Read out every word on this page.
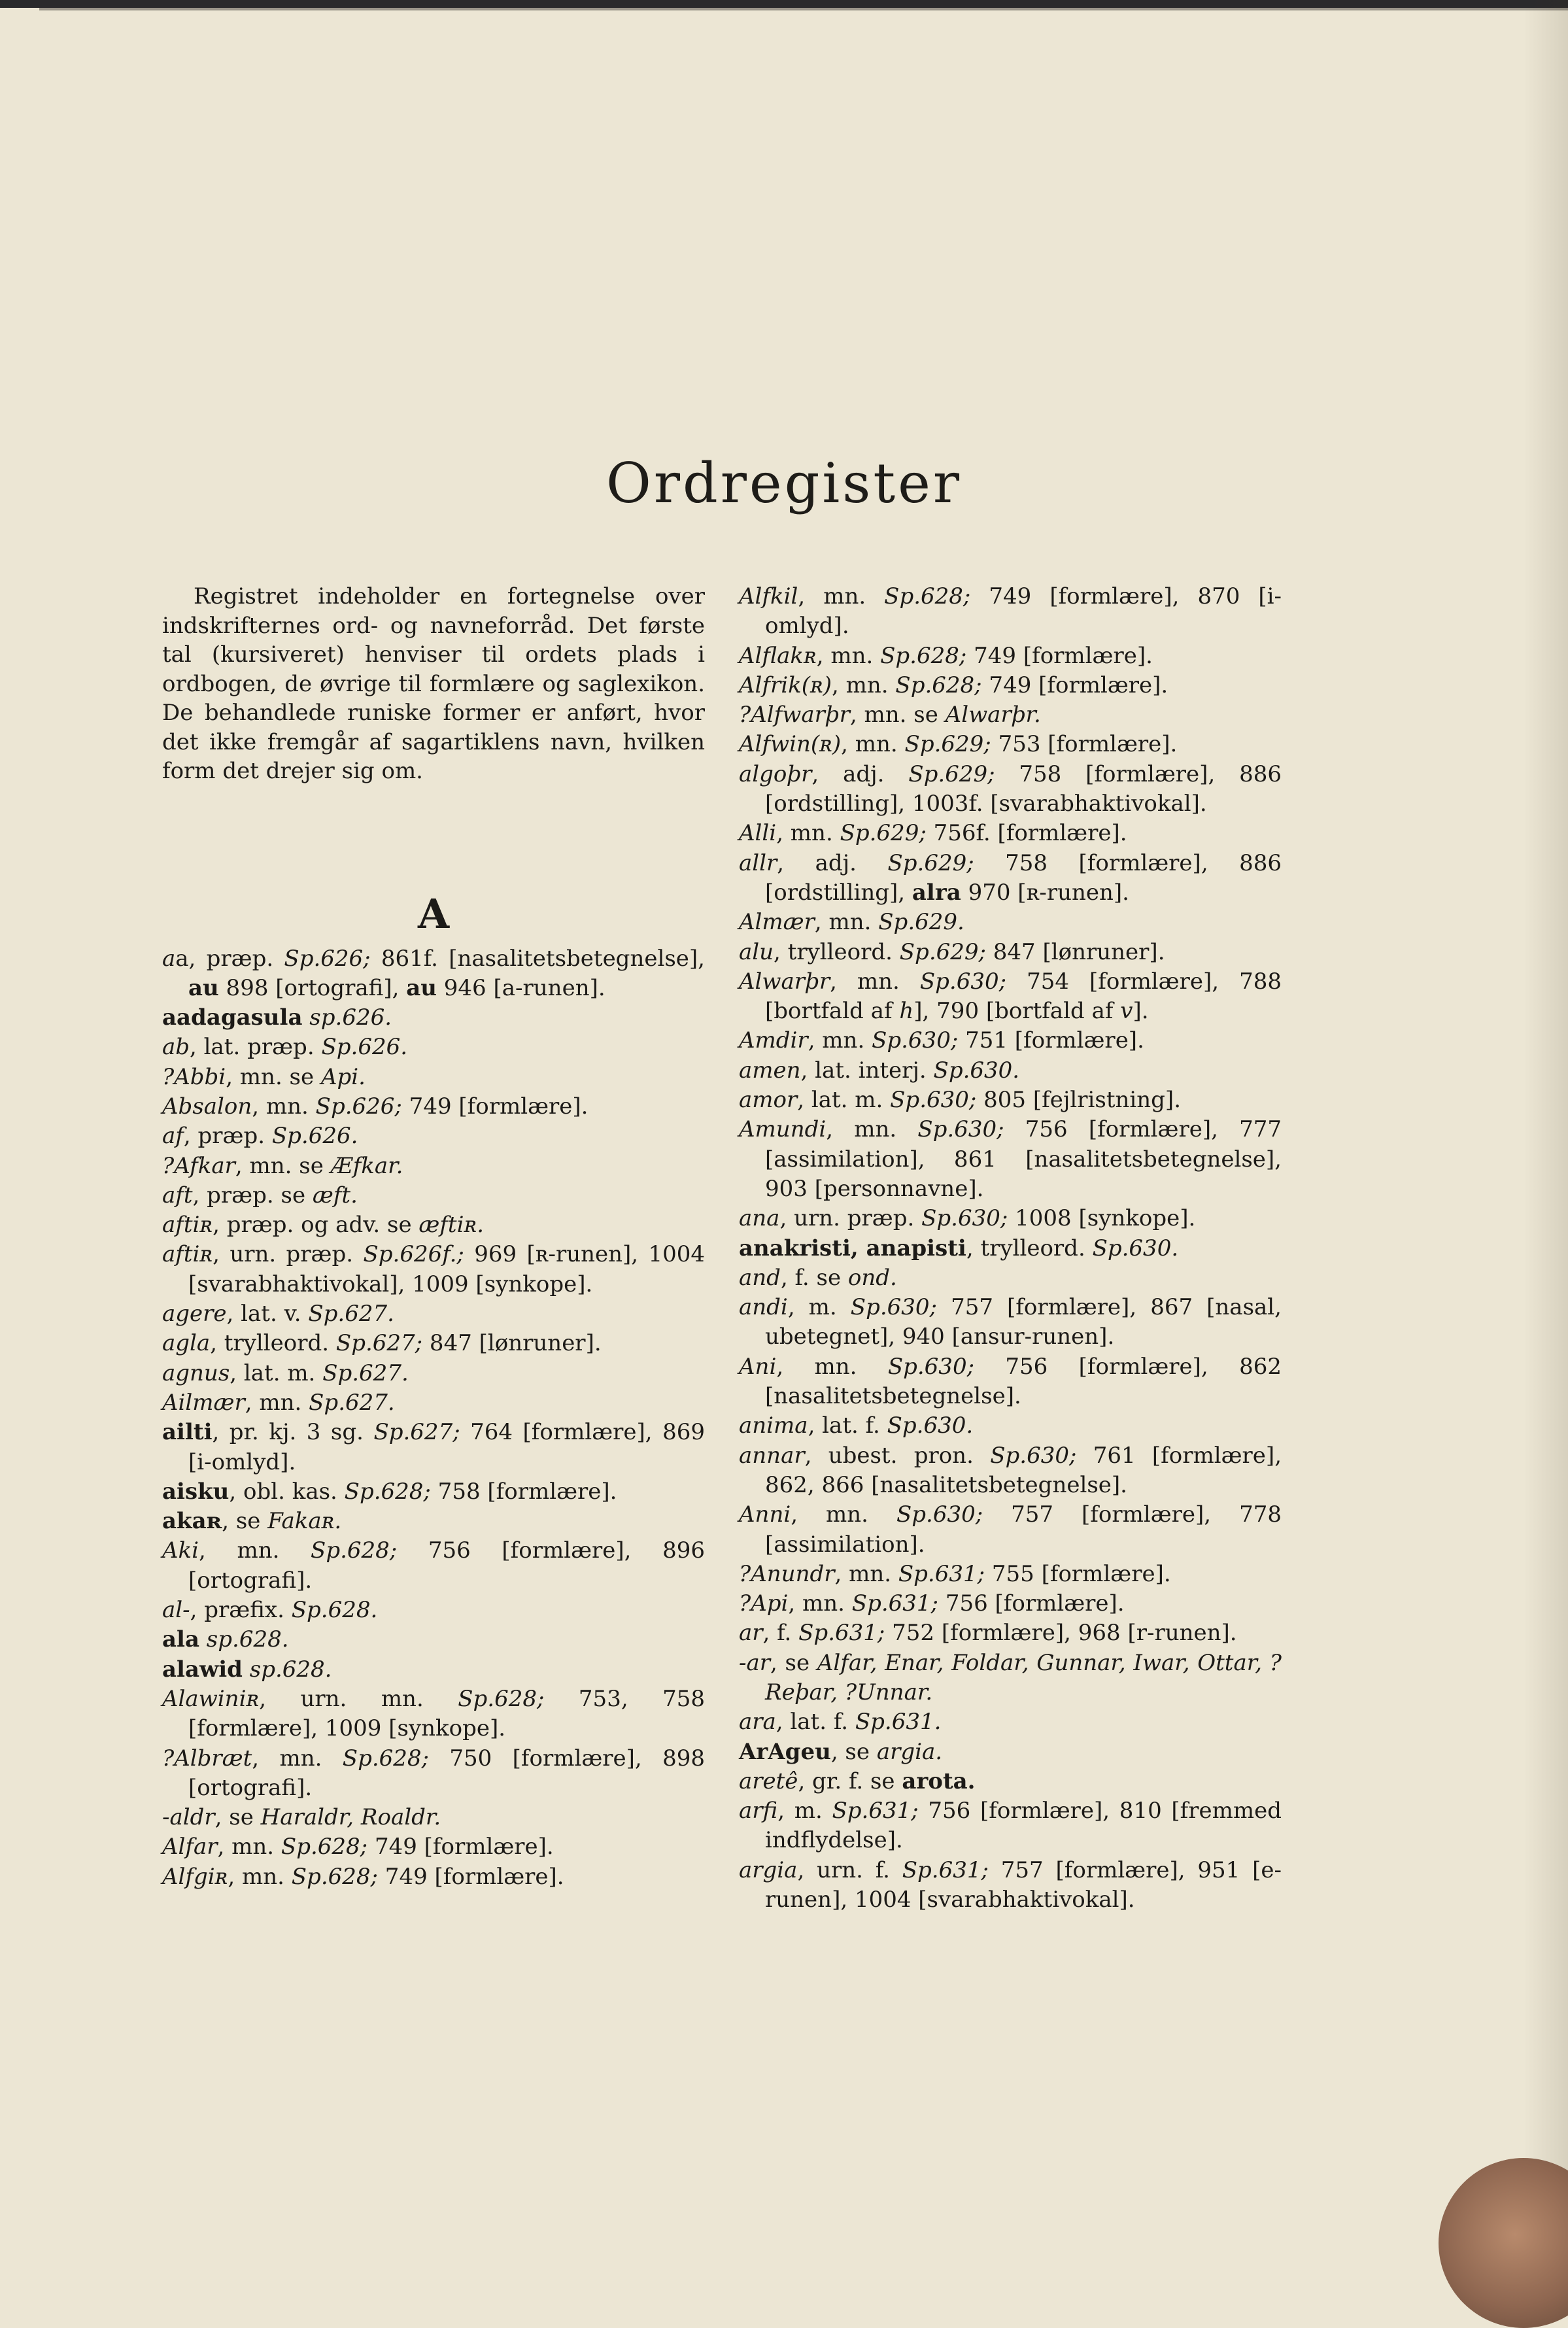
Ordregister

Registret indeholder en fortegnelse over indskrifternes ord- og navneforråd. Det første tal (kursiveret) henviser til ordets plads i ordbogen, de øvrige til formlære og saglexikon. De behandlede runiske former er anført, hvor det ikke fremgår af sagartiklens navn, hvilken form det drejer sig om.

A

aa, præp. Sp.626; 861f. [nasalitetsbetegnelse], au 898 [ortografi], au 946 [a-runen].

aadagasula sp.626.

ab, lat. præp. Sp.626.

?Abbi, mn. se Api.

Absalon, mn. Sp.626; 749 [formlære].

af, præp. Sp.626.

?Afkar, mn. se Æfkar.

aft, præp. se æft.

aftiʀ, præp. og adv. se æftiʀ.

aftiʀ, urn. præp. Sp.626f.; 969 [ʀ-runen], 1004 [svarabhaktivokal], 1009 [synkope].

agere, lat. v. Sp.627.

agla, trylleord. Sp.627; 847 [lønruner].

agnus, lat. m. Sp.627.

Ailmær, mn. Sp.627.

ailti, pr. kj. 3 sg. Sp.627; 764 [formlære], 869 [i-omlyd].

aisku, obl. kas. Sp.628; 758 [formlære].

akaʀ, se Fakaʀ.

Aki, mn. Sp.628; 756 [formlære], 896 [ortografi].

al-, præfix. Sp.628.

ala sp.628.

alawid sp.628.

Alawiniʀ, urn. mn. Sp.628; 753, 758 [formlære], 1009 [synkope].

?Albræt, mn. Sp.628; 750 [formlære], 898 [ortografi].

-aldr, se Haraldr, Roaldr.

Alfar, mn. Sp.628; 749 [formlære].

Alfgiʀ, mn. Sp.628; 749 [formlære].

Alfkil, mn. Sp.628; 749 [formlære], 870 [i-omlyd].

Alflakʀ, mn. Sp.628; 749 [formlære].

Alfrik(ʀ), mn. Sp.628; 749 [formlære].

?Alfwarþr, mn. se Alwarþr.

Alfwin(ʀ), mn. Sp.629; 753 [formlære].

algoþr, adj. Sp.629; 758 [formlære], 886 [ordstilling], 1003f. [svarabhaktivokal].

Alli, mn. Sp.629; 756f. [formlære].

allr, adj. Sp.629; 758 [formlære], 886 [ordstilling], alra 970 [ʀ-runen].

Almær, mn. Sp.629.

alu, trylleord. Sp.629; 847 [lønruner].

Alwarþr, mn. Sp.630; 754 [formlære], 788 [bortfald af h], 790 [bortfald af v].

Amdir, mn. Sp.630; 751 [formlære].

amen, lat. interj. Sp.630.

amor, lat. m. Sp.630; 805 [fejlristning].

Amundi, mn. Sp.630; 756 [formlære], 777 [assimilation], 861 [nasalitetsbetegnelse], 903 [personnavne].

ana, urn. præp. Sp.630; 1008 [synkope].

anakristi, anapisti, trylleord. Sp.630.

and, f. se ond.

andi, m. Sp.630; 757 [formlære], 867 [nasal, ubetegnet], 940 [ansur-runen].

Ani, mn. Sp.630; 756 [formlære], 862 [nasalitetsbetegnelse].

anima, lat. f. Sp.630.

annar, ubest. pron. Sp.630; 761 [formlære], 862, 866 [nasalitetsbetegnelse].

Anni, mn. Sp.630; 757 [formlære], 778 [assimilation].

?Anundr, mn. Sp.631; 755 [formlære].

?Api, mn. Sp.631; 756 [formlære].

ar, f. Sp.631; 752 [formlære], 968 [r-runen].

-ar, se Alfar, Enar, Foldar, Gunnar, Iwar, Ottar, ?Reþar, ?Unnar.

ara, lat. f. Sp.631.

ArAgeu, se argia.

aretê, gr. f. se arota.

arfi, m. Sp.631; 756 [formlære], 810 [fremmed indflydelse].

argia, urn. f. Sp.631; 757 [formlære], 951 [e-runen], 1004 [svarabhaktivokal].
